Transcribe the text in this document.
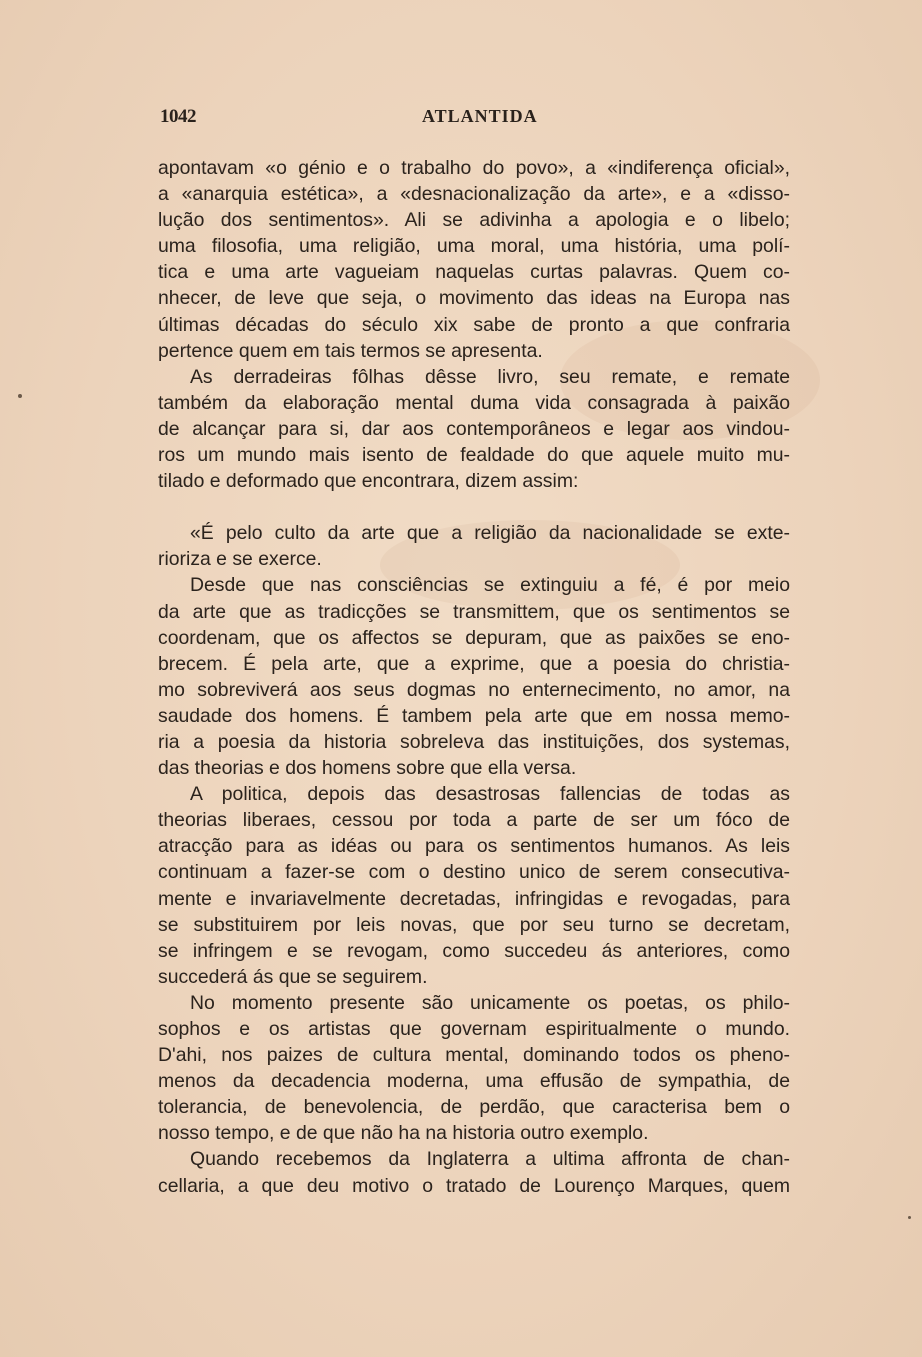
1042	ATLANTIDA

apontavam «o génio e o trabalho do povo», a «indiferença oficial»,
a «anarquia estética», a «desnacionalização da arte», e a «disso-
lução dos sentimentos». Ali se adivinha a apologia e o libelo;
uma filosofia, uma religião, uma moral, uma história, uma polí-
tica e uma arte vagueiam naquelas curtas palavras. Quem co-
nhecer, de leve que seja, o movimento das ideas na Europa nas
últimas décadas do século xix sabe de pronto a que confraria

pertence quem em tais termos se apresenta.

As derradeiras fôlhas dêsse livro, seu remate, e remate

também da elaboração mental duma vida consagrada à paixão
de alcançar para si, dar aos contemporâneos e legar aos vindou-
ros um mundo mais isento de fealdade do que aquele muito mu-

tilado e deformado que encontrara, dizem assim:

«É pelo culto da arte que a religião da nacionalidade se exte-

rioriza e se exerce.

Desde que nas consciências se extinguiu a fé, é por meio

da arte que as tradicções se transmittem, que os sentimentos se
coordenam, que os affectos se depuram, que as paixões se eno-
brecem. É pela arte, que a exprime, que a poesia do christia-
mo sobreviverá aos seus dogmas no enternecimento, no amor, na
saudade dos homens. É tambem pela arte que em nossa memo-
ria a poesia da historia sobreleva das instituições, dos systemas,

das theorias e dos homens sobre que ella versa.

A politica, depois das desastrosas fallencias de todas as

theorias liberaes, cessou por toda a parte de ser um fóco de
atracção para as idéas ou para os sentimentos humanos. As leis
continuam a fazer-se com o destino unico de serem consecutiva-
mente e invariavelmente decretadas, infringidas e revogadas, para
se substituirem por leis novas, que por seu turno se decretam,
se infringem e se revogam, como succedeu ás anteriores, como

succederá ás que se seguirem.

No momento presente são unicamente os poetas, os philo-

sophos e os artistas que governam espiritualmente o mundo.
D'ahi, nos paizes de cultura mental, dominando todos os pheno-
menos da decadencia moderna, uma effusão de sympathia, de
tolerancia, de benevolencia, de perdão, que caracterisa bem o

nosso tempo, e de que não ha na historia outro exemplo.

Quando recebemos da Inglaterra a ultima affronta de chan-

cellaria, a que deu motivo o tratado de Lourenço Marques, quem
